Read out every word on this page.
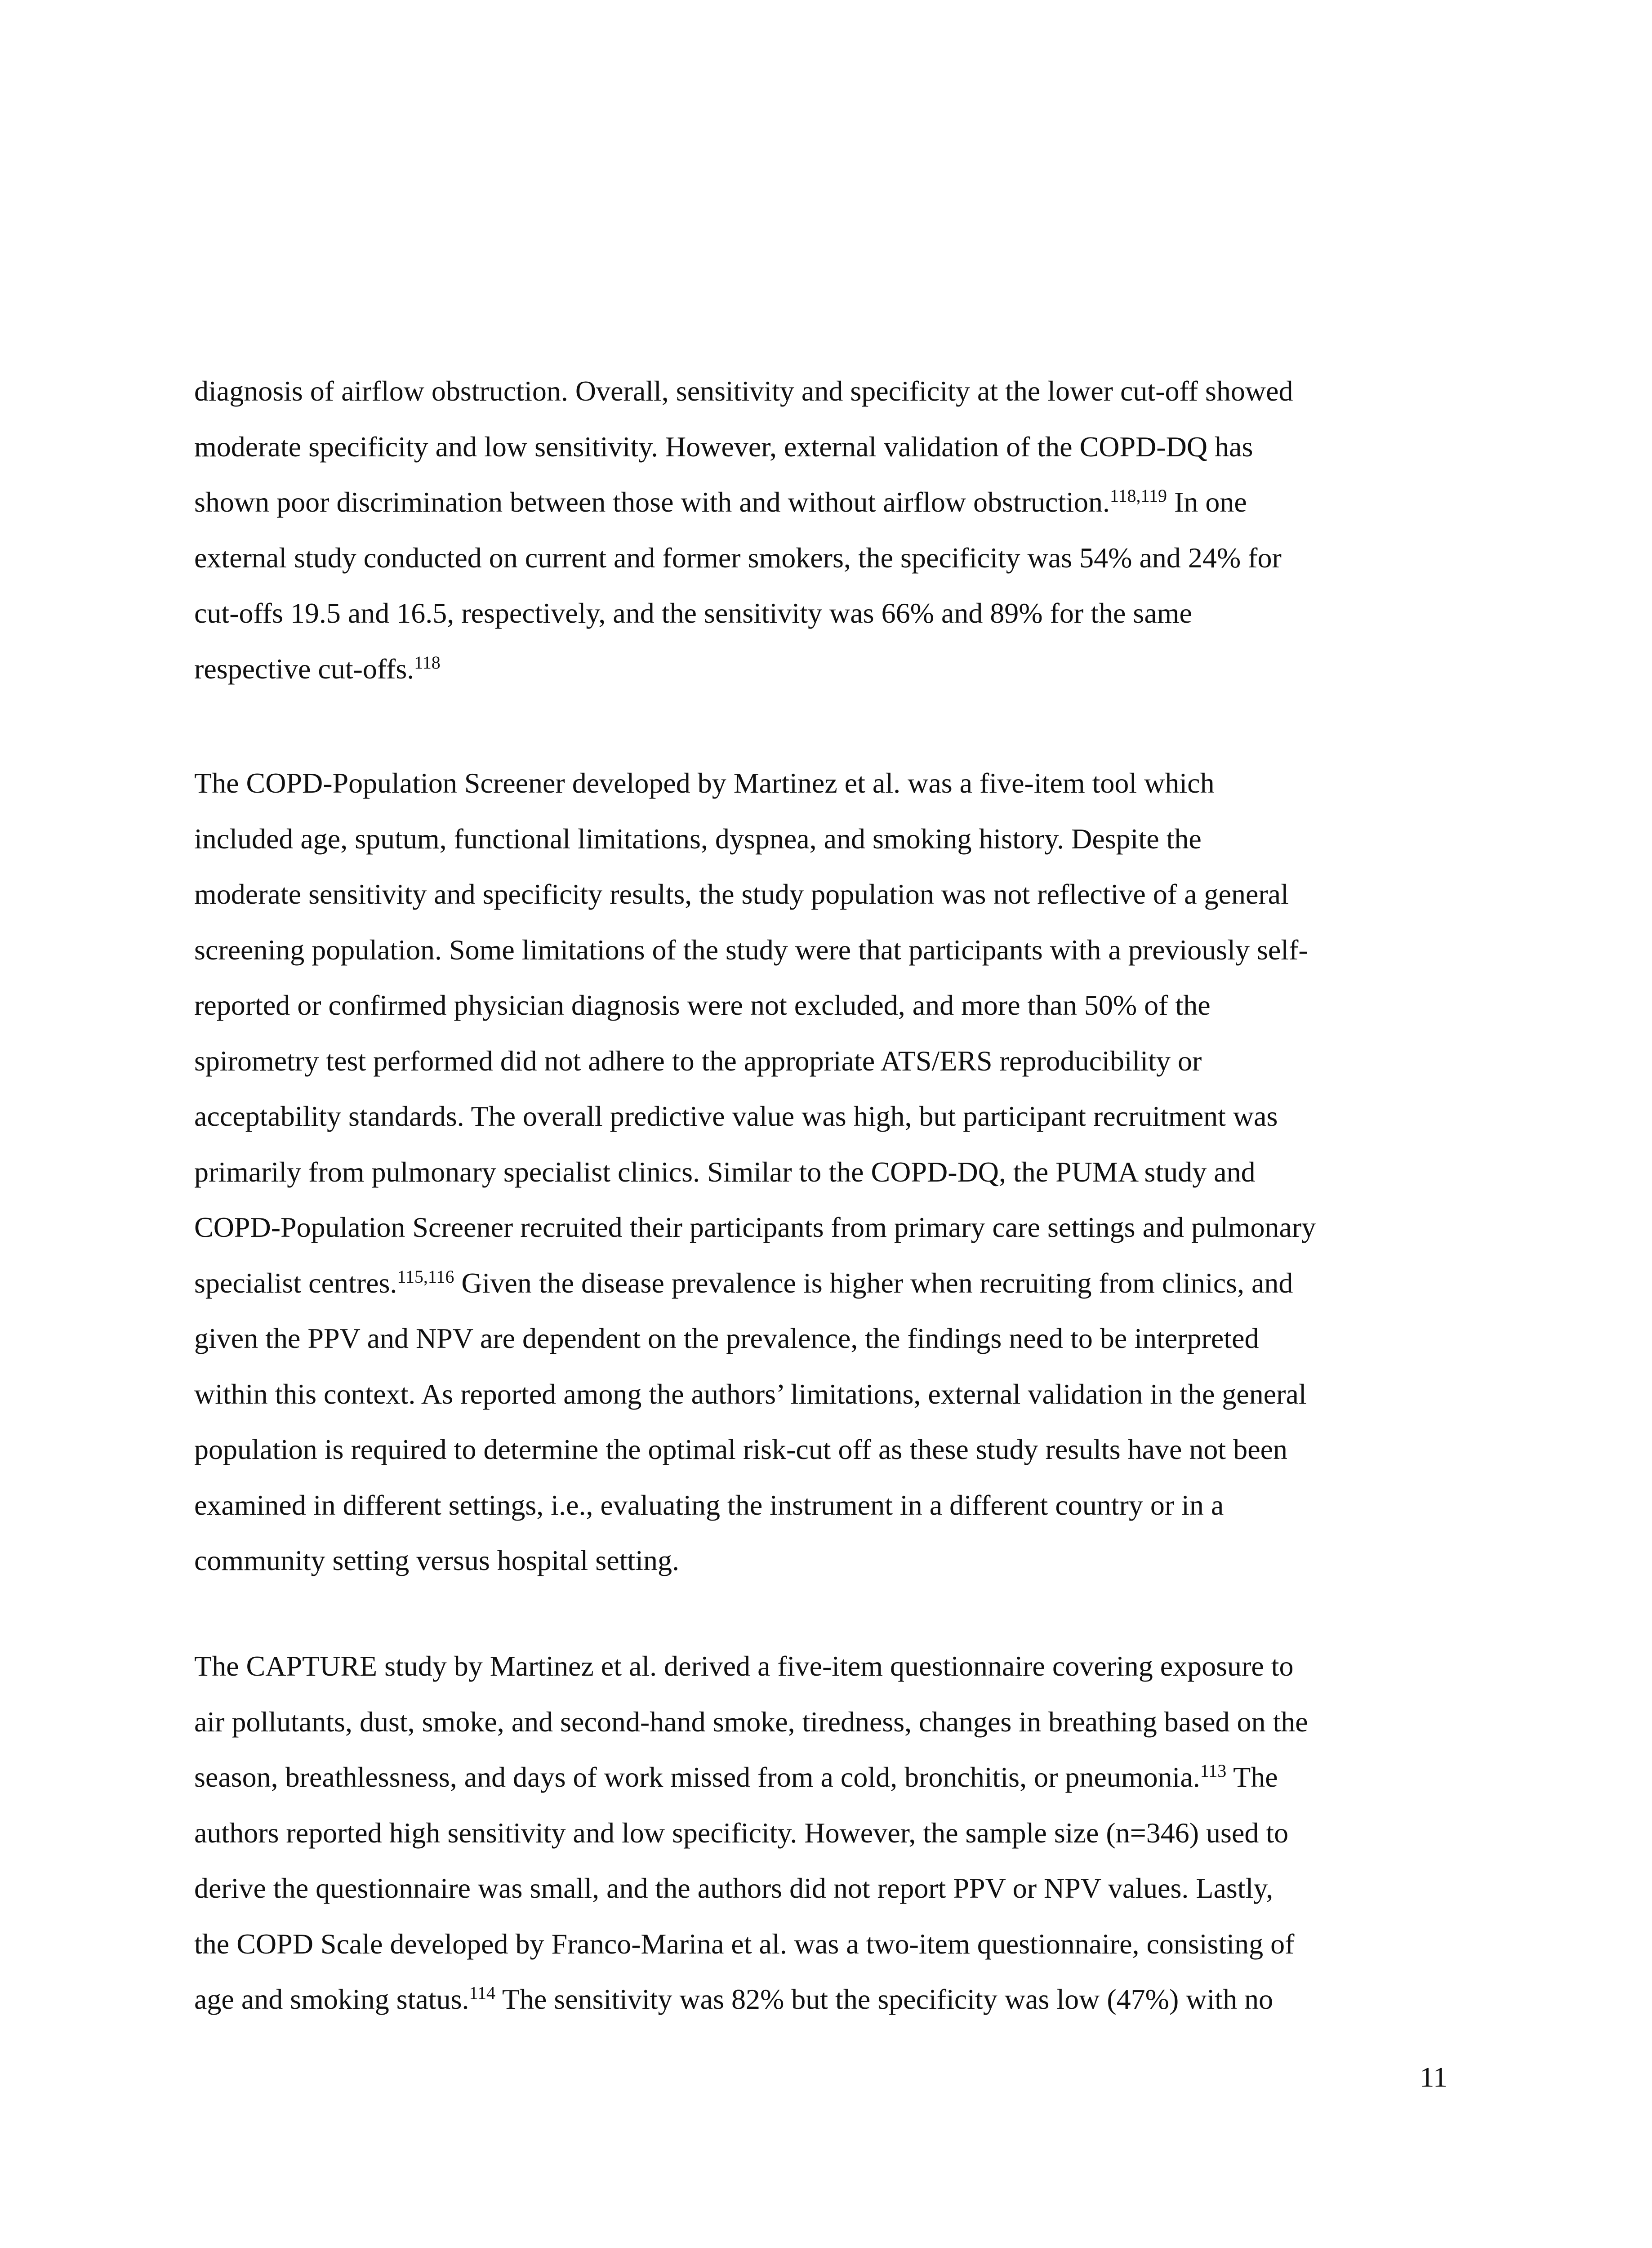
diagnosis of airflow obstruction. Overall, sensitivity and specificity at the lower cut-off showed

moderate specificity and low sensitivity. However, external validation of the COPD-DQ has

shown poor discrimination between those with and without airflow obstruction.$^{118,119}$ In one

external study conducted on current and former smokers, the specificity was 54% and 24% for

cut-offs 19.5 and 16.5, respectively, and the sensitivity was 66% and 89% for the same

respective cut-offs.$^{118}$

The COPD-Population Screener developed by Martinez et al. was a five-item tool which

included age, sputum, functional limitations, dyspnea, and smoking history. Despite the

moderate sensitivity and specificity results, the study population was not reflective of a general

screening population. Some limitations of the study were that participants with a previously self-

reported or confirmed physician diagnosis were not excluded, and more than 50% of the

spirometry test performed did not adhere to the appropriate ATS/ERS reproducibility or

acceptability standards. The overall predictive value was high, but participant recruitment was

primarily from pulmonary specialist clinics. Similar to the COPD-DQ, the PUMA study and

COPD-Population Screener recruited their participants from primary care settings and pulmonary

specialist centres.$^{115,116}$ Given the disease prevalence is higher when recruiting from clinics, and

given the PPV and NPV are dependent on the prevalence, the findings need to be interpreted

within this context. As reported among the authors’ limitations, external validation in the general

population is required to determine the optimal risk-cut off as these study results have not been

examined in different settings, i.e., evaluating the instrument in a different country or in a

community setting versus hospital setting.

The CAPTURE study by Martinez et al. derived a five-item questionnaire covering exposure to

air pollutants, dust, smoke, and second-hand smoke, tiredness, changes in breathing based on the

season, breathlessness, and days of work missed from a cold, bronchitis, or pneumonia.$^{113}$ The

authors reported high sensitivity and low specificity. However, the sample size (n=346) used to

derive the questionnaire was small, and the authors did not report PPV or NPV values. Lastly,

the COPD Scale developed by Franco-Marina et al. was a two-item questionnaire, consisting of

age and smoking status.$^{114}$ The sensitivity was 82% but the specificity was low (47%) with no

11
